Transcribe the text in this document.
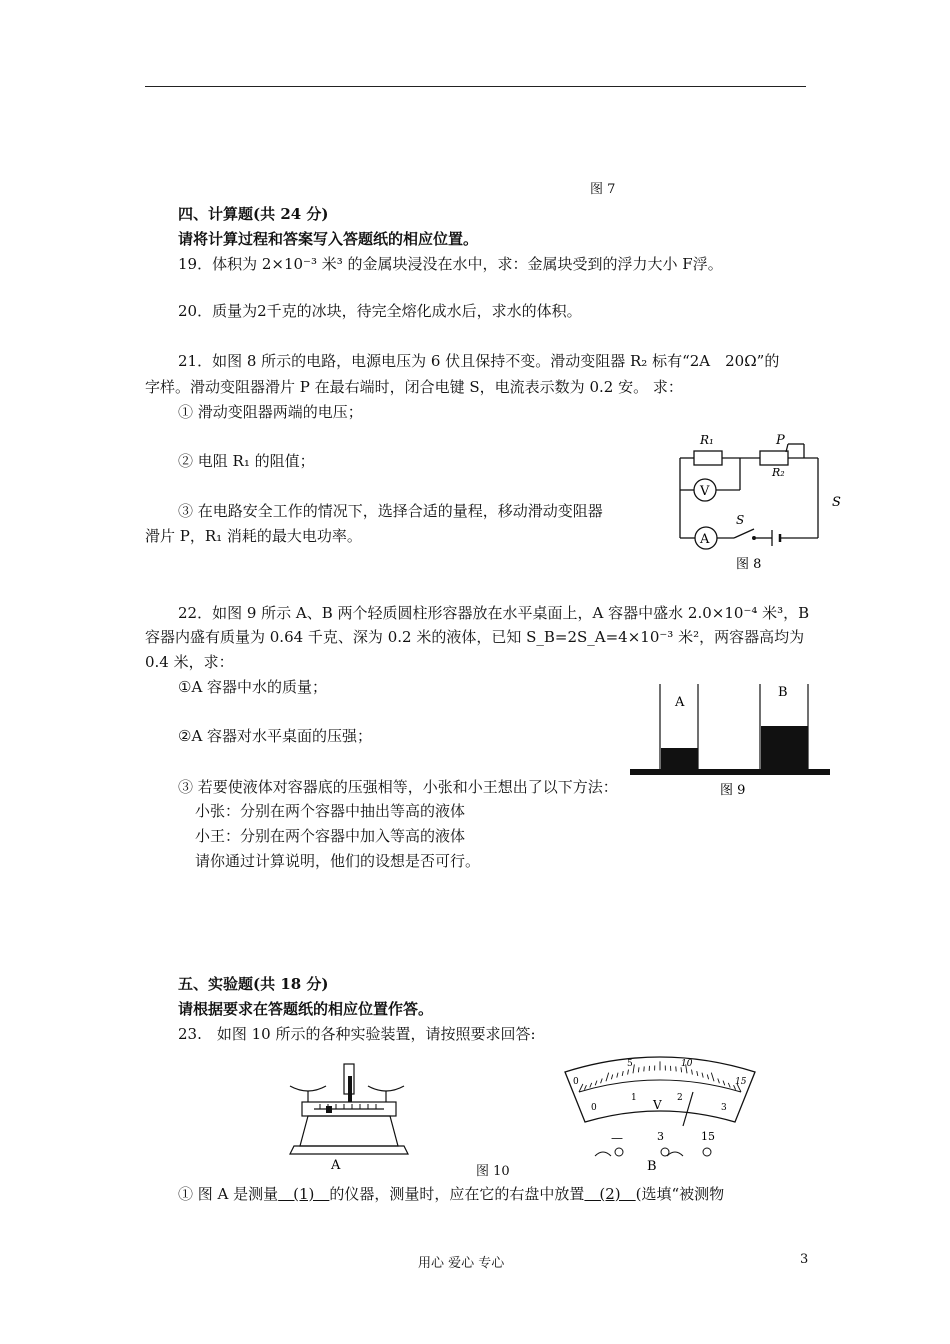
图 7
四、计算题(共 24 分)
请将计算过程和答案写入答题纸的相应位置。
19．体积为 2×10⁻³ 米³ 的金属块浸没在水中，求：金属块受到的浮力大小 F浮。
20．质量为2千克的冰块，待完全熔化成水后，求水的体积。
21．如图 8 所示的电路，电源电压为 6 伏且保持不变。滑动变阻器 R₂ 标有“2A　20Ω”的
字样。滑动变阻器滑片 P 在最右端时，闭合电键 S，电流表示数为 0.2 安。 求：
① 滑动变阻器两端的电压；
② 电阻 R₁ 的阻值；
③ 在电路安全工作的情况下，选择合适的量程，移动滑动变阻器
滑片 P，R₁ 消耗的最大电功率。
R₁
R₂
P
V
A
S
S
图 8
22．如图 9 所示 A、B 两个轻质圆柱形容器放在水平桌面上，A 容器中盛水 2.0×10⁻⁴ 米³，B
容器内盛有质量为 0.64 千克、深为 0.2 米的液体，已知 S_B=2S_A=4×10⁻³ 米²，两容器高均为
0.4 米，求：
①A 容器中水的质量；
②A 容器对水平桌面的压强；
③ 若要使液体对容器底的压强相等，小张和小王想出了以下方法：
小张：分别在两个容器中抽出等高的液体
小王：分别在两个容器中加入等高的液体
请你通过计算说明，他们的设想是否可行。
A
B
图 9
五、实验题(共 18 分)
请根据要求在答题纸的相应位置作答。
23.　如图 10 所示的各种实验装置，请按照要求回答:
A	图 10
0
5	10
15
0
1	2
3
V
—	3	15
B
① 图 A 是测量　(1)　的仪器，测量时，应在它的右盘中放置　(2)　(选填“被测物
用心 爱心 专心	3
